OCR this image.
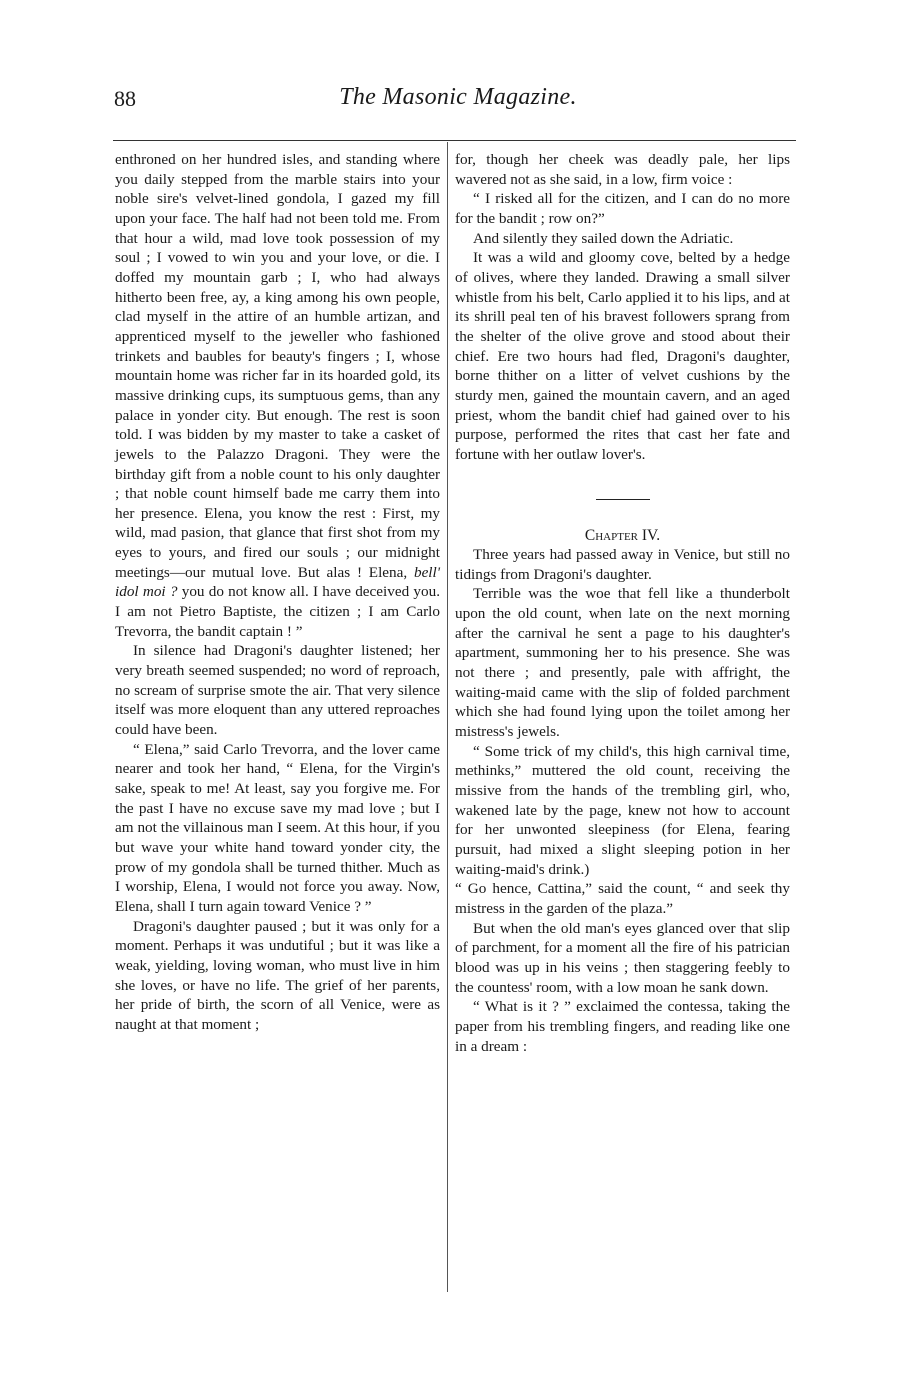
88	The Masonic Magazine.

enthroned on her hundred isles, and standing where you daily stepped from the marble stairs into your noble sire's velvet-lined gondola, I gazed my fill upon your face. The half had not been told me. From that hour a wild, mad love took possession of my soul ; I vowed to win you and your love, or die. I doffed my mountain garb ; I, who had always hitherto been free, ay, a king among his own people, clad myself in the attire of an humble artizan, and apprenticed myself to the jeweller who fashioned trinkets and baubles for beauty's fingers ; I, whose mountain home was richer far in its hoarded gold, its massive drinking cups, its sumptuous gems, than any palace in yonder city. But enough. The rest is soon told. I was bidden by my master to take a casket of jewels to the Palazzo Dragoni. They were the birthday gift from a noble count to his only daughter ; that noble count himself bade me carry them into her presence. Elena, you know the rest : First, my wild, mad pasion, that glance that first shot from my eyes to yours, and fired our souls ; our midnight meetings—our mutual love. But alas ! Elena, bell' idol moi ? you do not know all. I have deceived you. I am not Pietro Baptiste, the citizen ; I am Carlo Trevorra, the bandit captain ! ”

In silence had Dragoni's daughter listened; her very breath seemed suspended; no word of reproach, no scream of surprise smote the air. That very silence itself was more eloquent than any uttered reproaches could have been.

“ Elena,” said Carlo Trevorra, and the lover came nearer and took her hand, “ Elena, for the Virgin's sake, speak to me! At least, say you forgive me. For the past I have no excuse save my mad love ; but I am not the villainous man I seem. At this hour, if you but wave your white hand toward yonder city, the prow of my gondola shall be turned thither. Much as I worship, Elena, I would not force you away. Now, Elena, shall I turn again toward Venice ? ”

Dragoni's daughter paused ; but it was only for a moment. Perhaps it was undutiful ; but it was like a weak, yielding, loving woman, who must live in him she loves, or have no life. The grief of her parents, her pride of birth, the scorn of all Venice, were as naught at that moment ;

for, though her cheek was deadly pale, her lips wavered not as she said, in a low, firm voice :

“ I risked all for the citizen, and I can do no more for the bandit ; row on?”

And silently they sailed down the Adriatic.

It was a wild and gloomy cove, belted by a hedge of olives, where they landed. Drawing a small silver whistle from his belt, Carlo applied it to his lips, and at its shrill peal ten of his bravest followers sprang from the shelter of the olive grove and stood about their chief. Ere two hours had fled, Dragoni's daughter, borne thither on a litter of velvet cushions by the sturdy men, gained the mountain cavern, and an aged priest, whom the bandit chief had gained over to his purpose, performed the rites that cast her fate and fortune with her outlaw lover's.

Chapter IV.

Three years had passed away in Venice, but still no tidings from Dragoni's daughter.

Terrible was the woe that fell like a thunderbolt upon the old count, when late on the next morning after the carnival he sent a page to his daughter's apartment, summoning her to his presence. She was not there ; and presently, pale with affright, the waiting-maid came with the slip of folded parchment which she had found lying upon the toilet among her mistress's jewels.

“ Some trick of my child's, this high carnival time, methinks,” muttered the old count, receiving the missive from the hands of the trembling girl, who, wakened late by the page, knew not how to account for her unwonted sleepiness (for Elena, fearing pursuit, had mixed a slight sleeping potion in her waiting-maid's drink.)

“ Go hence, Cattina,” said the count, “ and seek thy mistress in the garden of the plaza.”

But when the old man's eyes glanced over that slip of parchment, for a moment all the fire of his patrician blood was up in his veins ; then staggering feebly to the countess' room, with a low moan he sank down.

“ What is it ? ” exclaimed the contessa, taking the paper from his trembling fingers, and reading like one in a dream :
